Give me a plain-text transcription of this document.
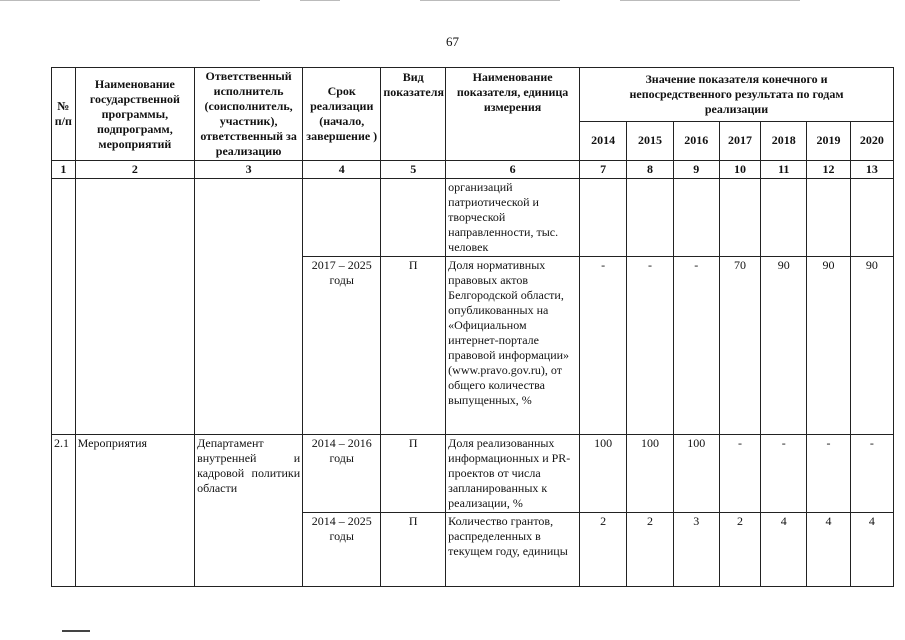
67
№ п/п	Наименование государственной программы, подпрограмм, мероприятий	Ответственный исполнитель (соисполнитель, участник), ответственный за реализацию	Срок реализации (начало, завершение )	Вид показателя	Наименование показателя, единица измерения	Значение показателя конечного и непосредственного результата по годам реализации						
						2014	2015	2016	2017	2018	2019	2020
1	2	3	4	5	6	7	8	9	10	11	12	13
					организаций патриотической и творческой направленности, тыс. человек							
			2017 – 2025 годы	П	Доля нормативных правовых актов Белгородской области, опубликованных на «Официальном интернет-портале правовой информации» (www.pravo.gov.ru), от общего количества выпущенных, %	-	-	-	70	90	90	90
2.1	Мероприятия	Департамент внутренней и кадровой политики области	2014 – 2016 годы	П	Доля реализованных информационных и PR-проектов от числа запланированных к реализации, %	100	100	100	-	-	-	-
			2014 – 2025 годы	П	Количество грантов, распределенных в текущем году, единицы	2	2	3	2	4	4	4
